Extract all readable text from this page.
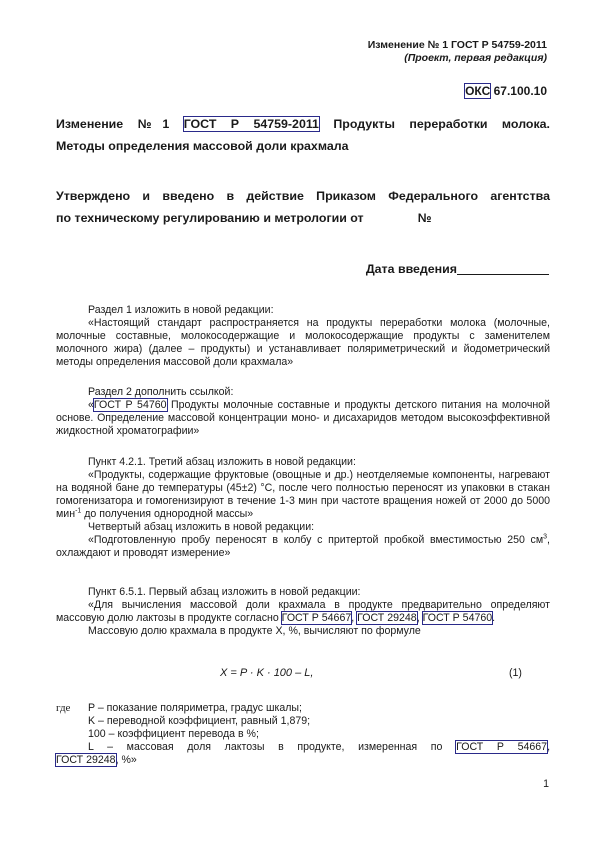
Изменение № 1 ГОСТ Р 54759-2011
(Проект, первая редакция)
ОКС 67.100.10
Изменение №1 ГОСТ Р 54759-2011 Продукты переработки молока.
Методы определения массовой доли крахмала
Утверждено и введено в действие Приказом Федерального агентства
по техническому регулированию и метрологии от	№
Дата введения
Раздел 1 изложить в новой редакции:
«Настоящий стандарт распространяется на продукты переработки молока (молочные, молочные составные, молокосодержащие и молокосодержащие продукты с заменителем молочного жира) (далее – продукты) и устанавливает поляриметрический и йодометрический методы определения массовой доли крахмала»
Раздел 2 дополнить ссылкой:
«ГОСТ Р 54760 Продукты молочные составные и продукты детского питания на молочной основе. Определение массовой концентрации моно- и дисахаридов методом высокоэффективной жидкостной хроматографии»
Пункт 4.2.1. Третий абзац изложить в новой редакции:
«Продукты, содержащие фруктовые (овощные и др.) неотделяемые компоненты, нагревают на водяной бане до температуры (45±2) °С, после чего полностью переносят из упаковки в стакан гомогенизатора и гомогенизируют в течение 1-3 мин при частоте вращения ножей от 2000 до 5000 мин$^{-1}$ до получения однородной массы»
Четвертый абзац изложить в новой редакции:
«Подготовленную пробу переносят в колбу с притертой пробкой вместимостью 250 $см^3$, охлаждают и проводят измерение»
Пункт 6.5.1. Первый абзац изложить в новой редакции:
«Для вычисления массовой доли крахмала в продукте предварительно определяют массовую долю лактозы в продукте согласно ГОСТ Р 54667, ГОСТ 29248, ГОСТ Р 54760.
Массовую долю крахмала в продукте Х, %, вычисляют по формуле
X = P · K · 100 – L,	(1)
где P – показание поляриметра, градус шкалы;
K – переводной коэффициент, равный 1,879;
100 – коэффициент перевода в %;
L – массовая доля лактозы в продукте, измеренная по ГОСТ Р 54667,
ГОСТ 29248, %»
1
